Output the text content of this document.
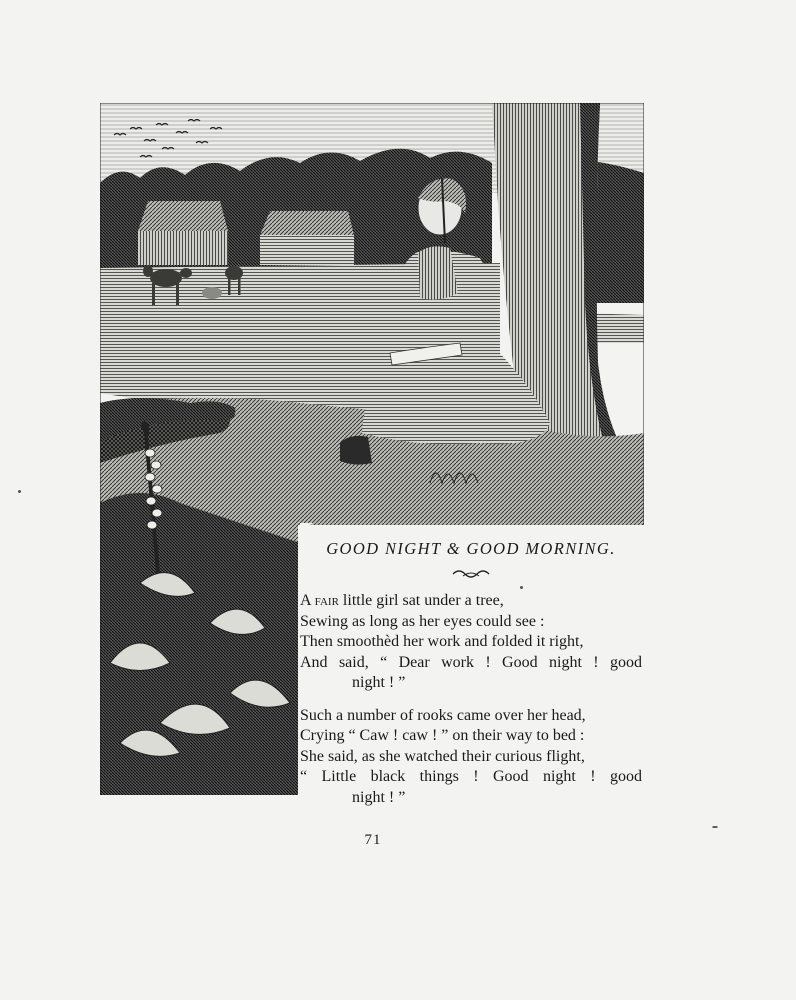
GOOD NIGHT & GOOD MORNING.
A fair little girl sat under a tree,
Sewing as long as her eyes could see :
Then smoothèd her work and folded it right,
And said, “ Dear work ! Good night ! good
night ! ”
Such a number of rooks came over her head,
Crying “ Caw ! caw ! ” on their way to bed :
She said, as she watched their curious flight,
“ Little black things ! Good night ! good
night ! ”
71
